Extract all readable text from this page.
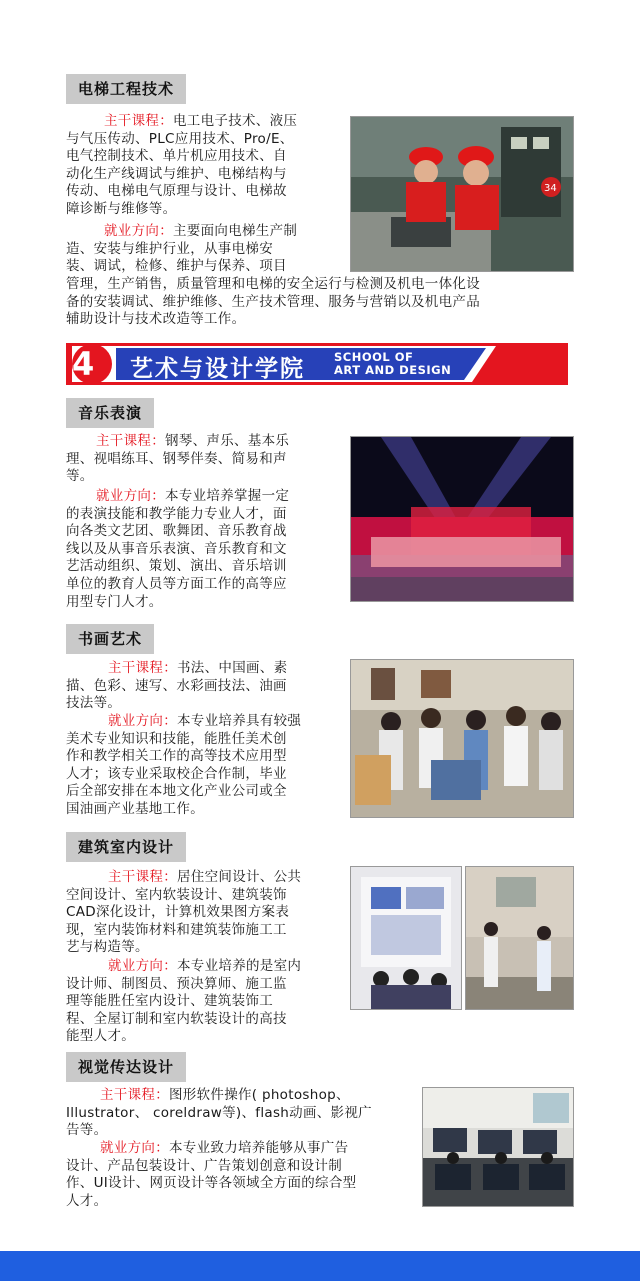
电梯工程技术
主干课程：电工电子技术、液压
与气压传动、PLC应用技术、Pro/E、
电气控制技术、单片机应用技术、自
动化生产线调试与维护、电梯结构与
传动、电梯电气原理与设计、电梯故
障诊断与维修等。
就业方向：主要面向电梯生产制
造、安装与维护行业，从事电梯安
装、调试，检修、维护与保养、项目
管理，生产销售，质量管理和电梯的安全运行与检测及机电一体化设
备的安装调试、维护维修、生产技术管理、服务与营销以及机电产品
辅助设计与技术改造等工作。
34
4 艺术与设计学院	SCHOOL OF
ART AND DESIGN
音乐表演
主干课程：钢琴、声乐、基本乐
理、视唱练耳、钢琴伴奏、简易和声
等。
就业方向：本专业培养掌握一定
的表演技能和教学能力专业人才，面
向各类文艺团、歌舞团、音乐教育战
线以及从事音乐表演、音乐教育和文
艺活动组织、策划、演出、音乐培训
单位的教育人员等方面工作的高等应
用型专门人才。
书画艺术
主干课程：书法、中国画、素
描、色彩、速写、水彩画技法、油画
技法等。
就业方向：本专业培养具有较强
美术专业知识和技能，能胜任美术创
作和教学相关工作的高等技术应用型
人才；该专业采取校企合作制，毕业
后全部安排在本地文化产业公司或全
国油画产业基地工作。
建筑室内设计
主干课程：居住空间设计、公共
空间设计、室内软装设计、建筑装饰
CAD深化设计，计算机效果图方案表
现，室内装饰材料和建筑装饰施工工
艺与构造等。
就业方向：本专业培养的是室内
设计师、制图员、预决算师、施工监
理等能胜任室内设计、建筑装饰工
程、全屋订制和室内软装设计的高技
能型人才。
视觉传达设计
主干课程：图形软件操作( photoshop、
Illustrator、 coreldraw等)、flash动画、影视广
告等。
就业方向：本专业致力培养能够从事广告
设计、产品包装设计、广告策划创意和设计制
作、UI设计、网页设计等各领域全方面的综合型
人才。
